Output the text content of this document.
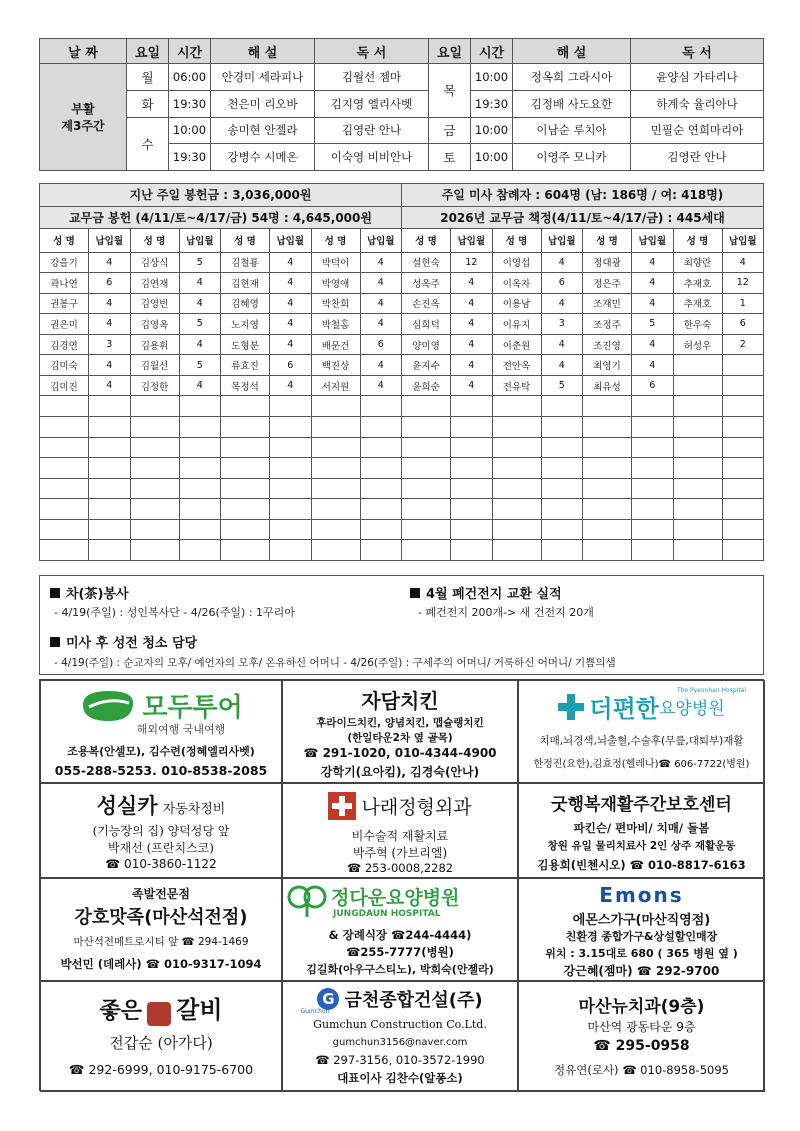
날 짜	요일	시간	해 설	독 서	요일	시간	해 설	독 서
부활
제3주간	월	06:00	안경미 세라피나	김월선 젬마	목	10:00	정옥희 그라시아	윤양심 가타리나
	화	19:30	천은미 리오바	김지영 엘리사벳		19:30	김정배 사도요한	하계숙 율리아나
	수	10:00	송미현 안젤라	김영란 안나	금	10:00	이남순 루치아	민필순 연희마리아
		19:30	강병수 시메온	이숙영 비비안나	토	10:00	이영주 모니카	김영란 안나
지난 주일 봉헌금 : 3,036,000원								주일 미사 참례자 : 604명 (남: 186명 / 여: 418명)							
교무금 봉헌 (4/11/토~4/17/금) 54명 : 4,645,000원								2026년 교무금 책정(4/11/토~4/17/금) : 445세대							
성 명	납입월	성 명	납입월	성 명	납입월	성 명	납입월	성 명	납입월	성 명	납입월	성 명	납입월	성 명	납입월
강을기	4	김상식	5	김철룡	4	박덕이	4	설현숙	12	이영섭	4	정대광	4	최향란	4
곽나연	6	김연재	4	김현재	4	박영애	4	성옥주	4	이옥자	6	정은주	4	추재호	12
권봉구	4	김영빈	4	김혜영	4	박찬희	4	손진옥	4	이용남	4	조재민	4	추재호	1
권은미	4	김영옥	5	노지영	4	박철홍	4	심희덕	4	이유지	3	조정주	5	한우숙	6
김경연	3	김용휘	4	도형분	4	배문건	6	양미영	4	이춘원	4	조진영	4	허성우	2
김미숙	4	김월선	5	류효진	6	백진상	4	윤지수	4	전안옥	4	최영기	4		
김미진	4	김정한	4	목정석	4	서지원	4	윤희순	4	전유탁	5	최유성	6		

차(茶)봉사
- 4/19(주일) : 성인복사단 - 4/26(주일) : 1꾸리아
4월 폐건전지 교환 실적
- 폐건전지 200개-> 새 건전지 20개
미사 후 성전 청소 담당
- 4/19(주일) : 순교자의 모후/ 예언자의 모후/ 온유하신 어머니 - 4/26(주일) : 구세주의 어머니/ 거룩하신 어머니/ 기쁨의샘
모두투어
해외여행 국내여행
조용복(안셀모), 김수련(정혜엘리사벳)
055-288-5253. 010-8538-2085
자담치킨
후라이드치킨, 양념치킨, 맵슐랭치킨
(한일타운2차 옆 골목)
☎ 291-1020, 010-4344-4900
강학기(요아킴), 김경숙(안나)
더편한요양병원
The Pyeonhan Hospital
치매,뇌경색,뇌출혈,수술후(무릎,대퇴부)재활
한정진(요한),김효정(헬레나)☎ 606-7722(병원)
성실카 자동차정비
(기능장의 집) 양덕성당 앞
박재선 (프란치스코)
☎ 010-3860-1122
나래정형외과
비수술적 재활치료
박주혁 (가브리엘)
☎ 253-0008,2282
굿행복재활주간보호센터
파킨슨/ 편마비/ 치매/ 돌봄
창원 유일 물리치료사 2인 상주 재활운동
김용희(빈첸시오) ☎ 010-8817-6163
족발전문점
강호맛족(마산석전점)
마산석전메트로시티 앞 ☎ 294-1469
박선민 (데레사) ☎ 010-9317-1094
정다운요양병원
JUNGDAUN HOSPITAL
& 장례식장 ☎244-4444)
☎255-7777(병원)
김길화(아우구스티노), 박희숙(안젤라)
Emons
에몬스가구(마산직영점)
친환경 종합가구&상설할인매장
위치 : 3.15대로 680 ( 365 병원 옆 )
강근혜(젬마) ☎ 292-9700
좋은 갈비
전갑순 (아가다)
☎ 292-6999, 010-9175-6700
G 금천종합건설(주)
Gumchun
Gumchun Construction Co.Ltd.
gumchun3156@naver.com
☎ 297-3156, 010-3572-1990
대표이사 김찬수(알퐁소)
마산뉴치과(9층)
마산역 광동타운 9층
☎ 295-0958
정유연(로사) ☎ 010-8958-5095
